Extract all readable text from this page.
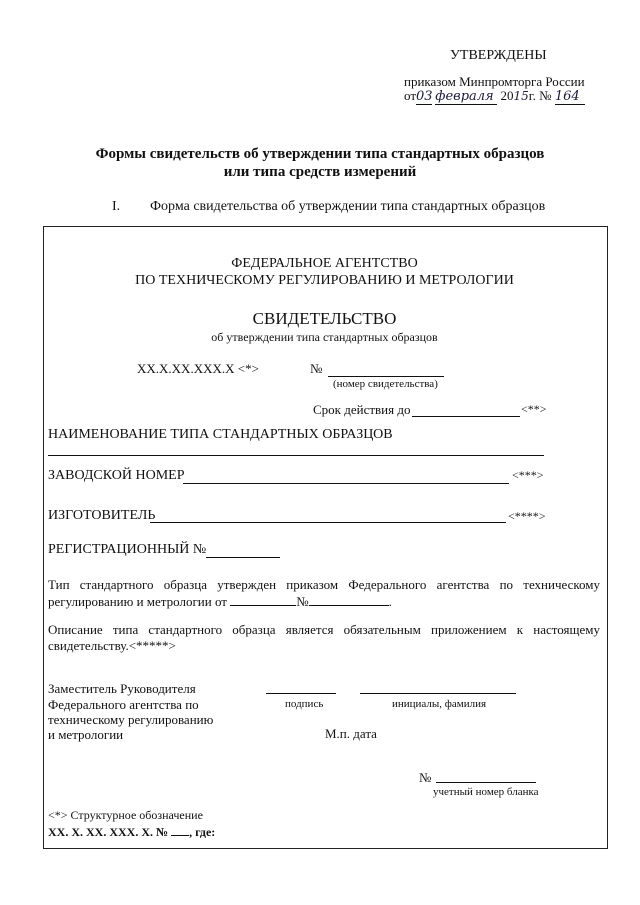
УТВЕРЖДЕНЫ
приказом Минпромторга России
от03 февраля 2015г. № 164
Формы свидетельств об утверждении типа стандартных образцов
или типа средств измерений
I. Форма свидетельства об утверждении типа стандартных образцов
ФЕДЕРАЛЬНОЕ АГЕНТСТВО
ПО ТЕХНИЧЕСКОМУ РЕГУЛИРОВАНИЮ И МЕТРОЛОГИИ
СВИДЕТЕЛЬСТВО
об утверждении типа стандартных образцов
ХХ.Х.ХХ.ХХХ.Х <*>	№
(номер свидетельства)
Срок действия до	<**>
НАИМЕНОВАНИЕ ТИПА СТАНДАРТНЫХ ОБРАЗЦОВ
ЗАВОДСКОЙ НОМЕР	<***>
ИЗГОТОВИТЕЛЬ	<****>
РЕГИСТРАЦИОННЫЙ №
Тип стандартного образца утвержден приказом Федерального агентства по техническому
регулированию и метрологии от	№	.
Описание типа стандартного образца является обязательным приложением к настоящему
свидетельству.<*****>
Заместитель Руководителя
Федерального агентства по
техническому регулированию
и метрологии
подпись	инициалы, фамилия
М.п. дата
№
учетный номер бланка
<*> Структурное обозначение
ХХ. Х. ХХ. ХХХ. Х. № , где:
